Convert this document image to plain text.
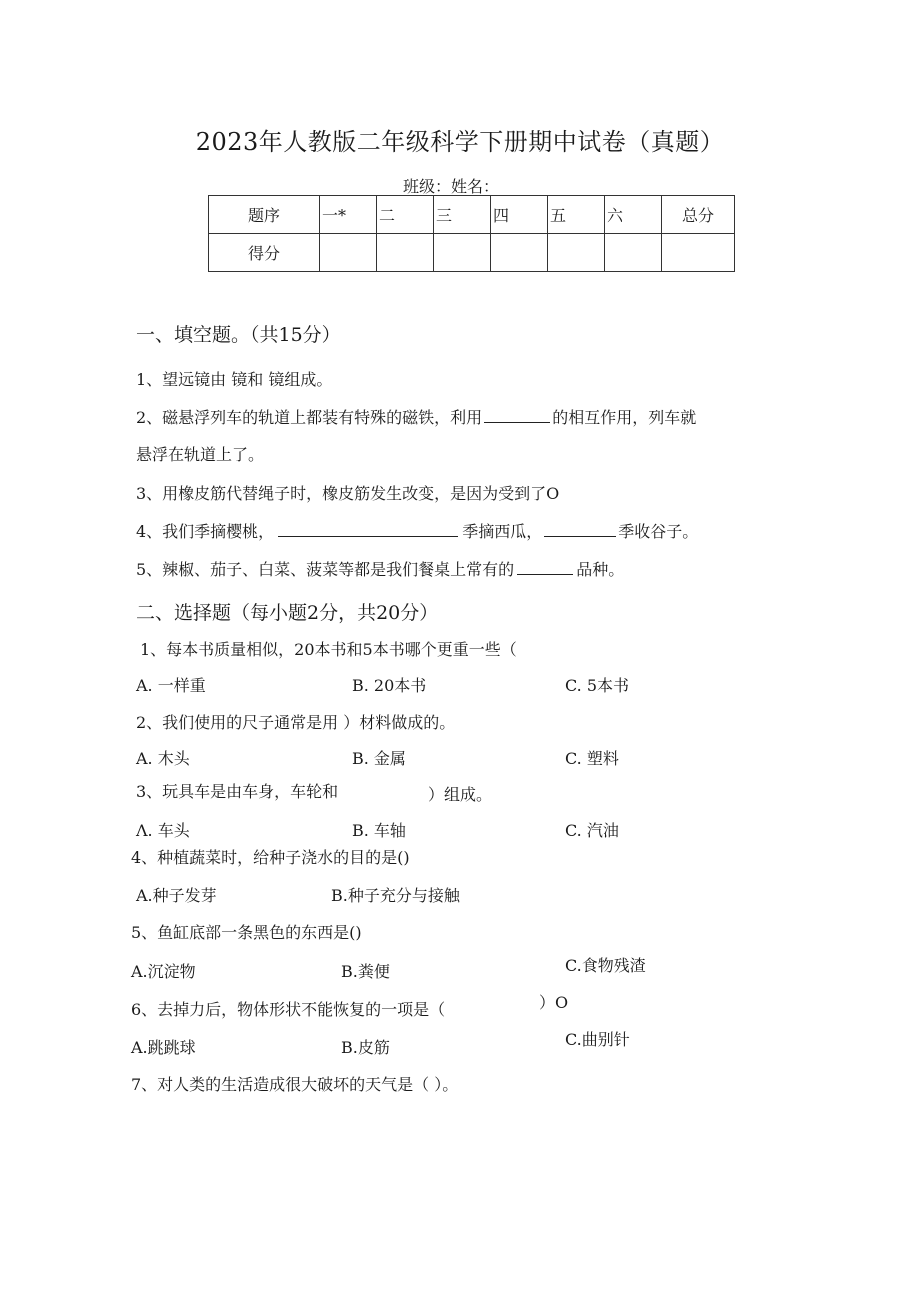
2023年人教版二年级科学下册期中试卷（真题）
班级：姓名：
题序	一*	二	三	四	五	六	总分
得分							
一、填空题。（共15分）
1、望远镜由 镜和 镜组成。
2、磁悬浮列车的轨道上都装有特殊的磁铁，利用	的相互作用，列车就
悬浮在轨道上了。
3、用橡皮筋代替绳子时，橡皮筋发生改变，是因为受到了O
4、我们季摘樱桃，	季摘西瓜，	季收谷子。
5、辣椒、茄子、白菜、菠菜等都是我们餐桌上常有的	品种。
二、选择题（每小题2分，共20分）
1、每本书质量相似，20本书和5本书哪个更重一些（
A. 一样重	B. 20本书	C. 5本书
2、我们使用的尺子通常是用 ）材料做成的。
A. 木头	B. 金属	C. 塑料
3、玩具车是由车身，车轮和	）组成。
Λ. 车头	B. 车轴	C. 汽油
4、种植蔬菜时，给种子浇水的目的是()
A.种子发芽	B.种子充分与接触
5、鱼缸底部一条黑色的东西是()
A.沉淀物	B.粪便	C.食物残渣
6、去掉力后，物体形状不能恢复的一项是（	）O
A.跳跳球	B.皮筋	C.曲别针
7、对人类的生活造成很大破坏的天气是（ ）。
